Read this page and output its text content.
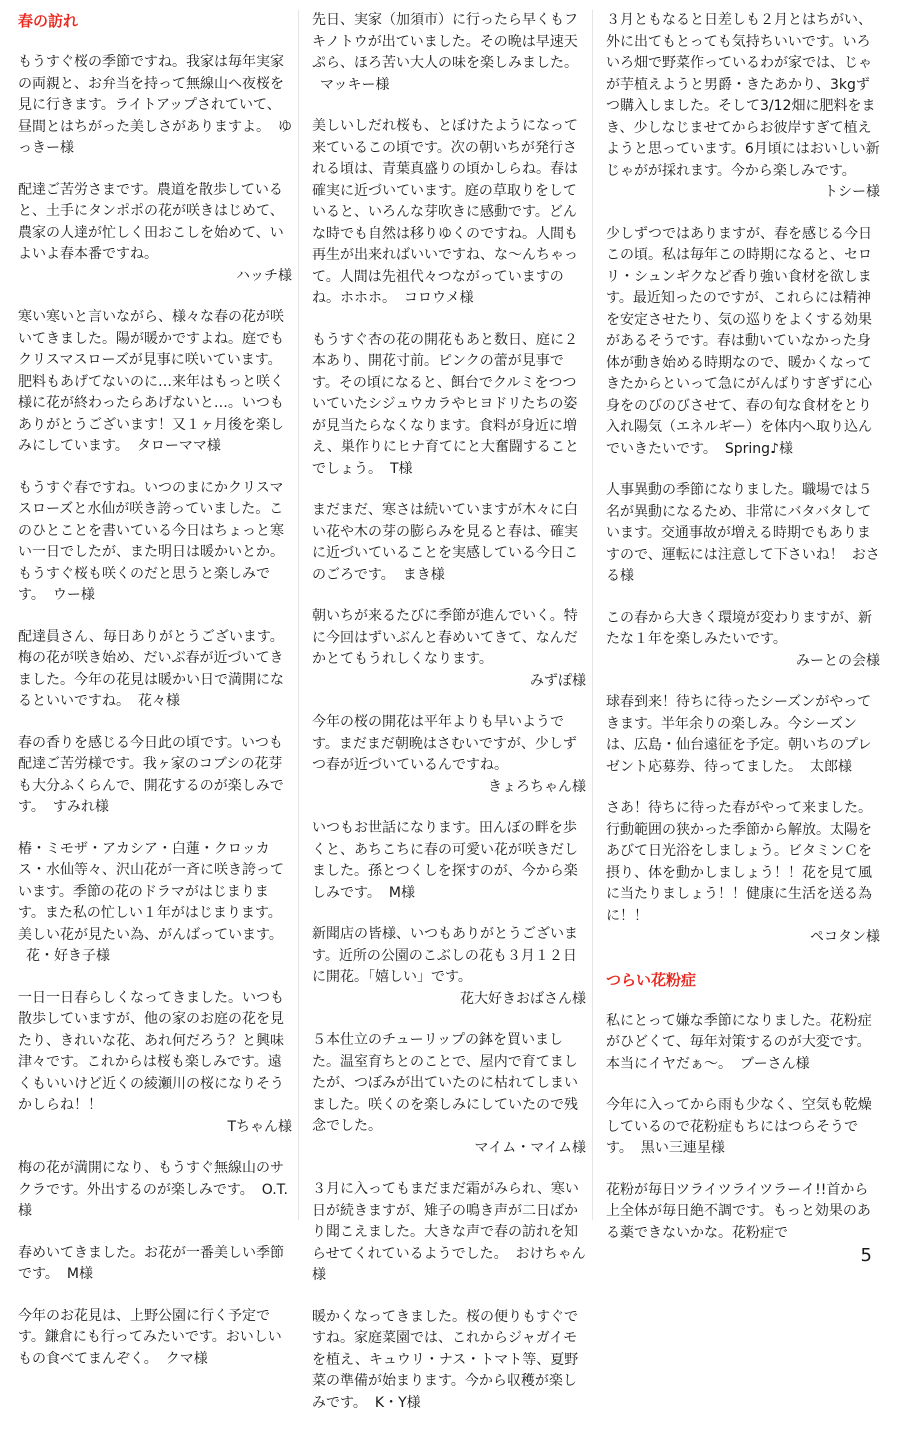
春の訪れ
もうすぐ桜の季節ですね。我家は毎年実家の両親と、お弁当を持って無線山へ夜桜を見に行きます。ライトアップされていて、昼間とはちがった美しさがありますよ。 ゆっきー様
配達ご苦労さまです。農道を散歩していると、土手にタンポポの花が咲きはじめて、農家の人達が忙しく田おこしを始めて、いよいよ春本番ですね。
ハッチ様
寒い寒いと言いながら、様々な春の花が咲いてきました。陽が暖かですよね。庭でもクリスマスローズが見事に咲いています。肥料もあげてないのに…来年はもっと咲く様に花が終わったらあげないと…。いつもありがとうございます！又１ヶ月後を楽しみにしています。 タローママ様
もうすぐ春ですね。いつのまにかクリスマスローズと水仙が咲き誇っていました。このひとことを書いている今日はちょっと寒い一日でしたが、また明日は暖かいとか。もうすぐ桜も咲くのだと思うと楽しみです。 ウー様
配達員さん、毎日ありがとうございます。梅の花が咲き始め、だいぶ春が近づいてきました。今年の花見は暖かい日で満開になるといいですね。 花々様
春の香りを感じる今日此の頃です。いつも配達ご苦労様です。我ヶ家のコブシの花芽も大分ふくらんで、開花するのが楽しみです。 すみれ様
椿・ミモザ・アカシア・白蓮・クロッカス・水仙等々、沢山花が一斉に咲き誇っています。季節の花のドラマがはじまります。また私の忙しい１年がはじまります。美しい花が見たい為、がんばっています。花・好き子様
一日一日春らしくなってきました。いつも散歩していますが、他の家のお庭の花を見たり、きれいな花、あれ何だろう？と興味津々です。これからは桜も楽しみです。遠くもいいけど近くの綾瀬川の桜になりそうかしらね！！
Tちゃん様
梅の花が満開になり、もうすぐ無線山のサクラです。外出するのが楽しみです。 O.T.様
春めいてきました。お花が一番美しい季節です。 M様
今年のお花見は、上野公園に行く予定です。鎌倉にも行ってみたいです。おいしいもの食べてまんぞく。 クマ様
先日、実家（加須市）に行ったら早くもフキノトウが出ていました。その晩は早速天ぷら、ほろ苦い大人の味を楽しみました。マッキー様
美しいしだれ桜も、とぼけたようになって来ているこの頃です。次の朝いちが発行される頃は、青葉真盛りの頃かしらね。春は確実に近づいています。庭の草取りをしていると、いろんな芽吹きに感動です。どんな時でも自然は移りゆくのですね。人間も再生が出来ればいいですね、な〜んちゃって。人間は先祖代々つながっていますのね。ホホホ。 コロウメ様
もうすぐ杏の花の開花もあと数日、庭に２本あり、開花寸前。ピンクの蕾が見事です。その頃になると、餌台でクルミをつついていたシジュウカラやヒヨドリたちの姿が見当たらなくなります。食料が身近に増え、巣作りにヒナ育てにと大奮闘することでしょう。 T様
まだまだ、寒さは続いていますが木々に白い花や木の芽の膨らみを見ると春は、確実に近づいていることを実感している今日このごろです。 まき様
朝いちが来るたびに季節が進んでいく。特に今回はずいぶんと春めいてきて、なんだかとてもうれしくなります。
みずぽ様
今年の桜の開花は平年よりも早いようです。まだまだ朝晩はさむいですが、少しずつ春が近づいているんですね。
きょろちゃん様
いつもお世話になります。田んぼの畔を歩くと、あちこちに春の可愛い花が咲きだしました。孫とつくしを探すのが、今から楽しみです。 M様
新聞店の皆様、いつもありがとうございます。近所の公園のこぶしの花も３月１２日に開花。「嬉しい」です。
花大好きおばさん様
５本仕立のチューリップの鉢を買いました。温室育ちとのことで、屋内で育てましたが、つぼみが出ていたのに枯れてしまいました。咲くのを楽しみにしていたので残念でした。
マイム・マイム様
３月に入ってもまだまだ霜がみられ、寒い日が続きますが、雉子の鳴き声が二日ばかり聞こえました。大きな声で春の訪れを知らせてくれているようでした。 おけちゃん様
暖かくなってきました。桜の便りもすぐですね。家庭菜園では、これからジャガイモを植え、キュウリ・ナス・トマト等、夏野菜の準備が始まります。今から収穫が楽しみです。 K・Y様
３月ともなると日差しも２月とはちがい、外に出てもとっても気持ちいいです。いろいろ畑で野菜作っているわが家では、じゃが芋植えようと男爵・きたあかり、3kgずつ購入しました。そして3/12畑に肥料をまき、少しなじませてからお彼岸すぎて植えようと思っています。6月頃にはおいしい新じゃがが採れます。今から楽しみです。
トシー様
少しずつではありますが、春を感じる今日この頃。私は毎年この時期になると、セロリ・シュンギクなど香り強い食材を欲します。最近知ったのですが、これらには精神を安定させたり、気の巡りをよくする効果があるそうです。春は動いていなかった身体が動き始める時期なので、暖かくなってきたからといって急にがんばりすぎずに心身をのびのびさせて、春の旬な食材をとり入れ陽気（エネルギー）を体内へ取り込んでいきたいです。 Spring♪様
人事異動の季節になりました。職場では５名が異動になるため、非常にバタバタしています。交通事故が増える時期でもありますので、運転には注意して下さいね！ おさる様
この春から大きく環境が変わりますが、新たな１年を楽しみたいです。
みーとの会様
球春到来！待ちに待ったシーズンがやってきます。半年余りの楽しみ。今シーズンは、広島・仙台遠征を予定。朝いちのプレゼント応募券、待ってました。 太郎様
さあ！待ちに待った春がやって来ました。行動範囲の狭かった季節から解放。太陽をあびて日光浴をしましょう。ビタミンＣを摂り、体を動かしましょう！！花を見て風に当たりましょう！！健康に生活を送る為に！！
ペコタン様
つらい花粉症
私にとって嫌な季節になりました。花粉症がひどくて、毎年対策するのが大変です。本当にイヤだぁ〜。 ブーさん様
今年に入ってから雨も少なく、空気も乾燥しているので花粉症もちにはつらそうです。 黒い三連星様
花粉が毎日ツライツライツラーイ!!首から上全体が毎日絶不調です。もっと効果のある薬できないかな。花粉症で
5
